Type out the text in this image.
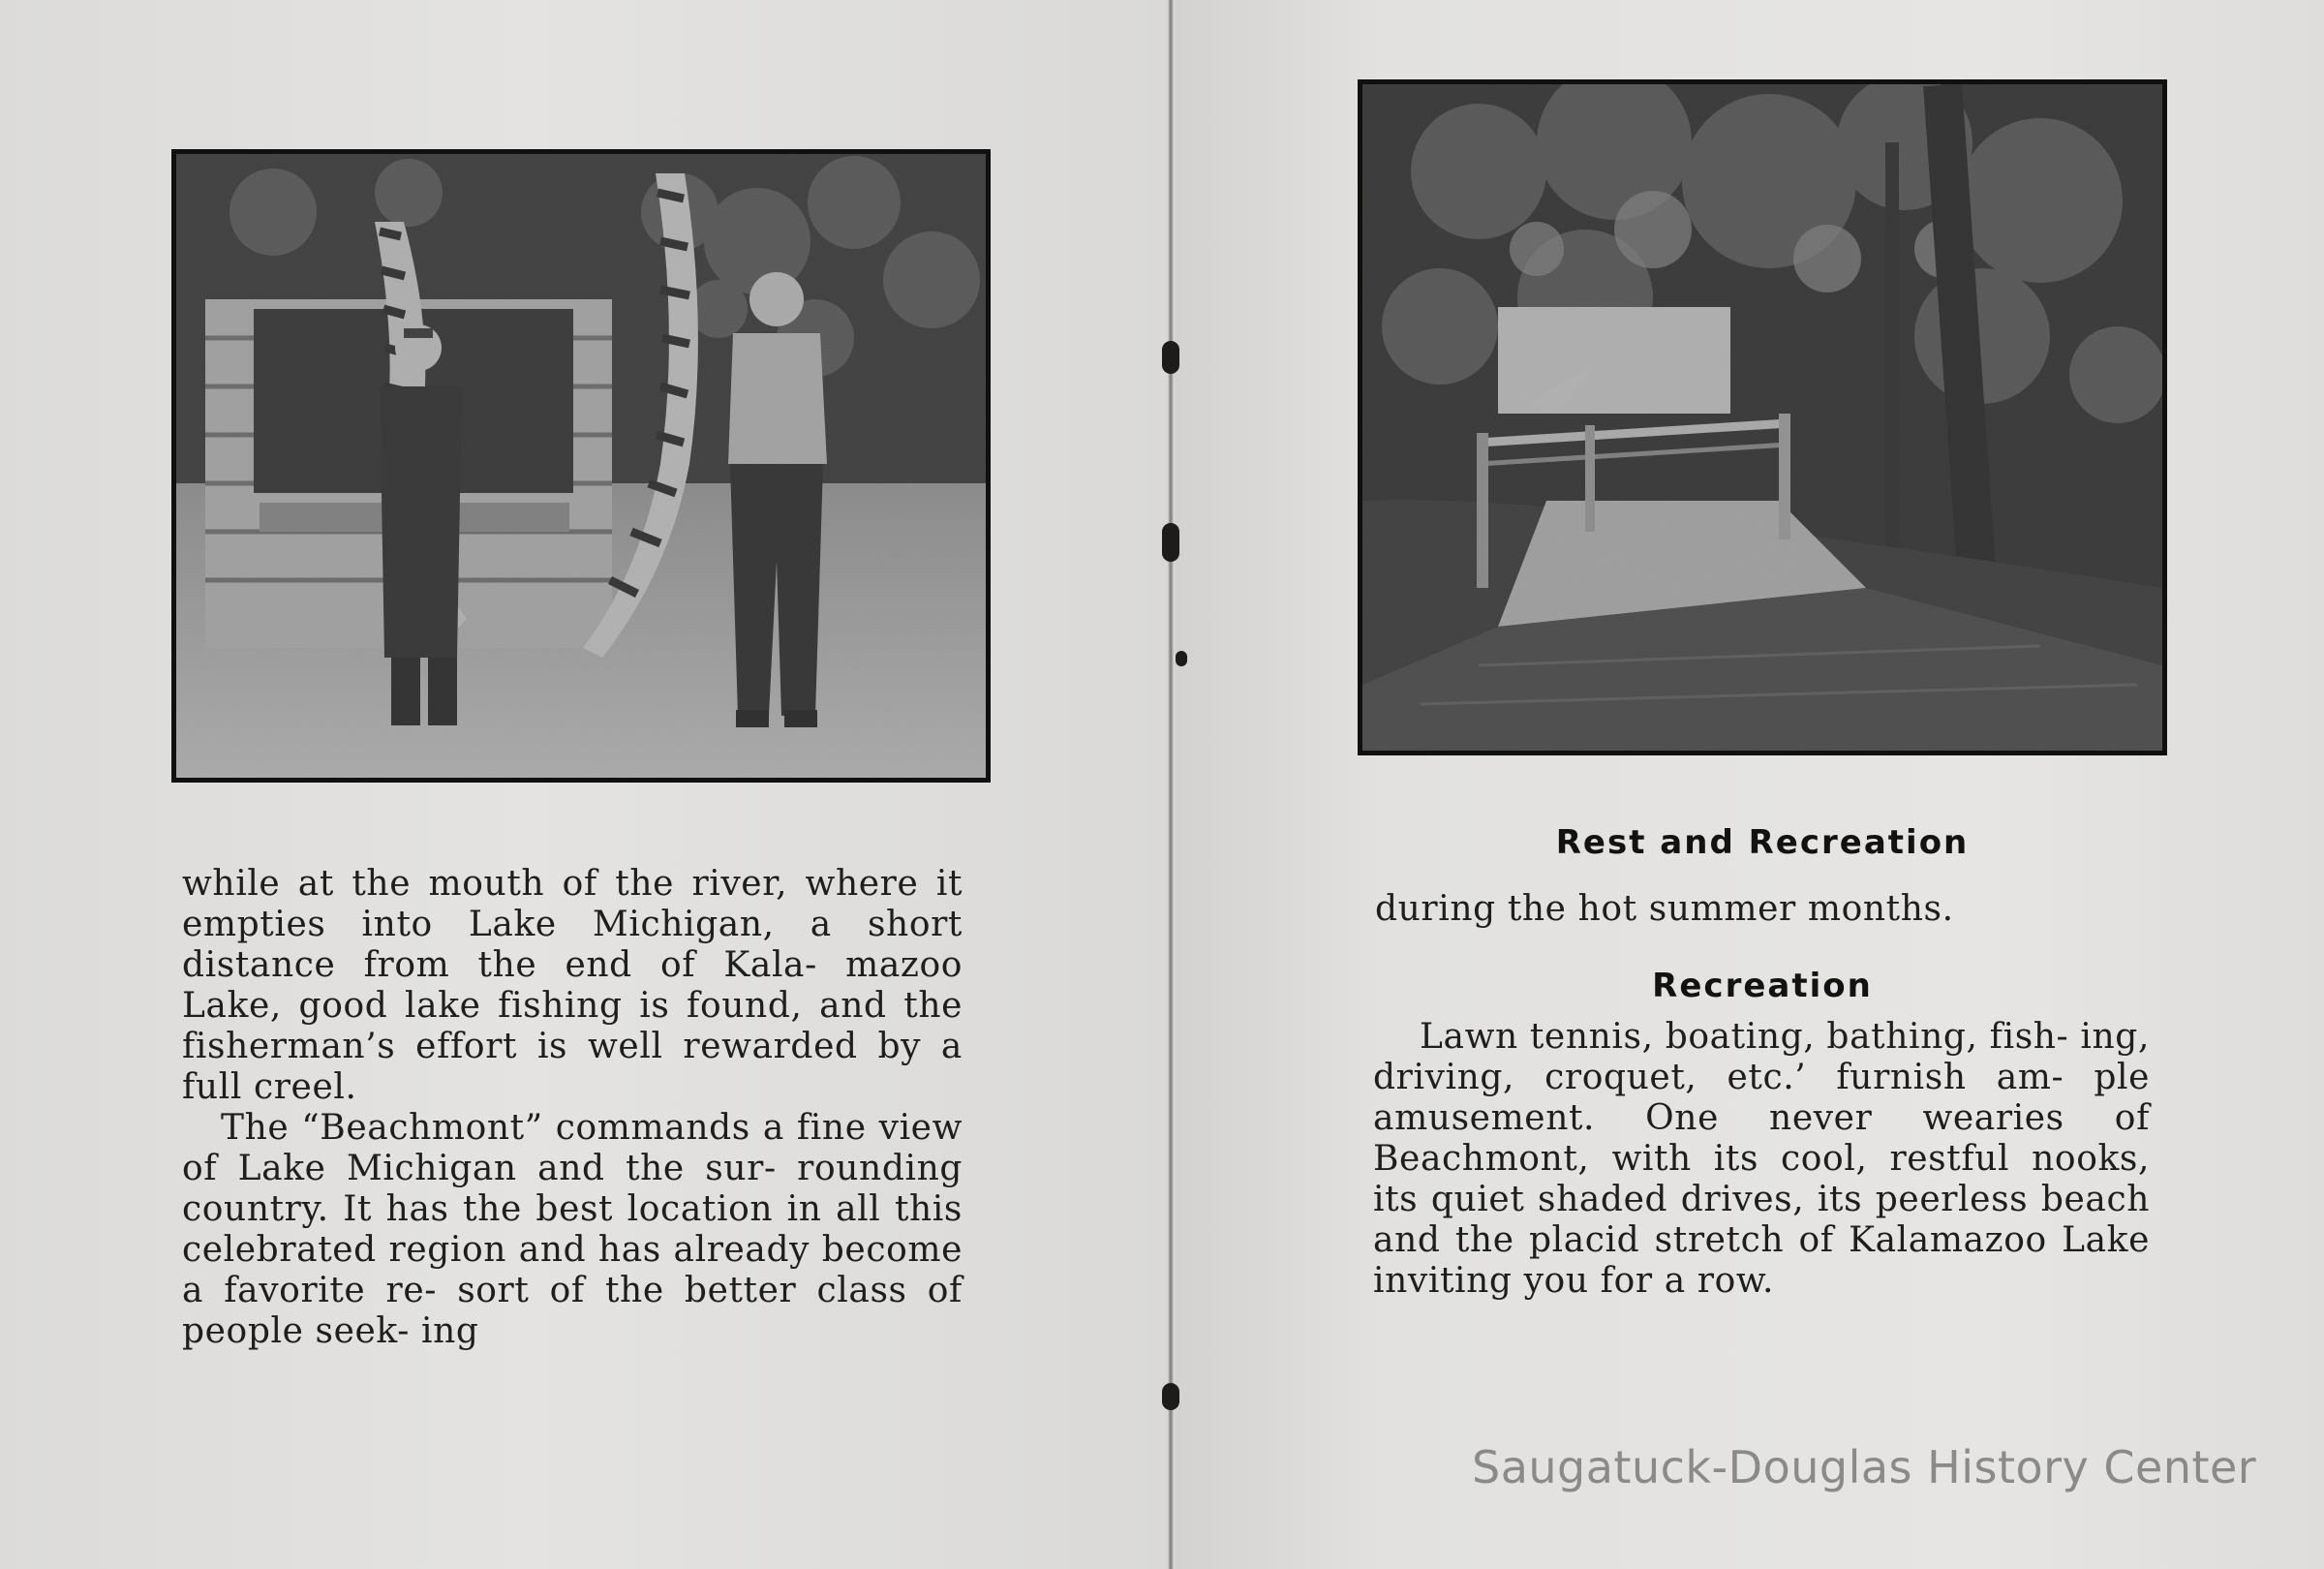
while at the mouth of the river, where it empties into Lake Michigan, a short distance from the end of Kala- mazoo Lake, good lake fishing is found, and the fisherman’s effort is well rewarded by a full creel.

The “Beachmont” commands a fine view of Lake Michigan and the sur- rounding country. It has the best location in all this celebrated region and has already become a favorite re- sort of the better class of people seek- ing

Rest and Recreation

during the hot summer months.

Recreation

Lawn tennis, boating, bathing, fish- ing, driving, croquet, etc.’ furnish am- ple amusement. One never wearies of Beachmont, with its cool, restful nooks, its quiet shaded drives, its peerless beach and the placid stretch of Kalamazoo Lake inviting you for a row.

Saugatuck-Douglas History Center
